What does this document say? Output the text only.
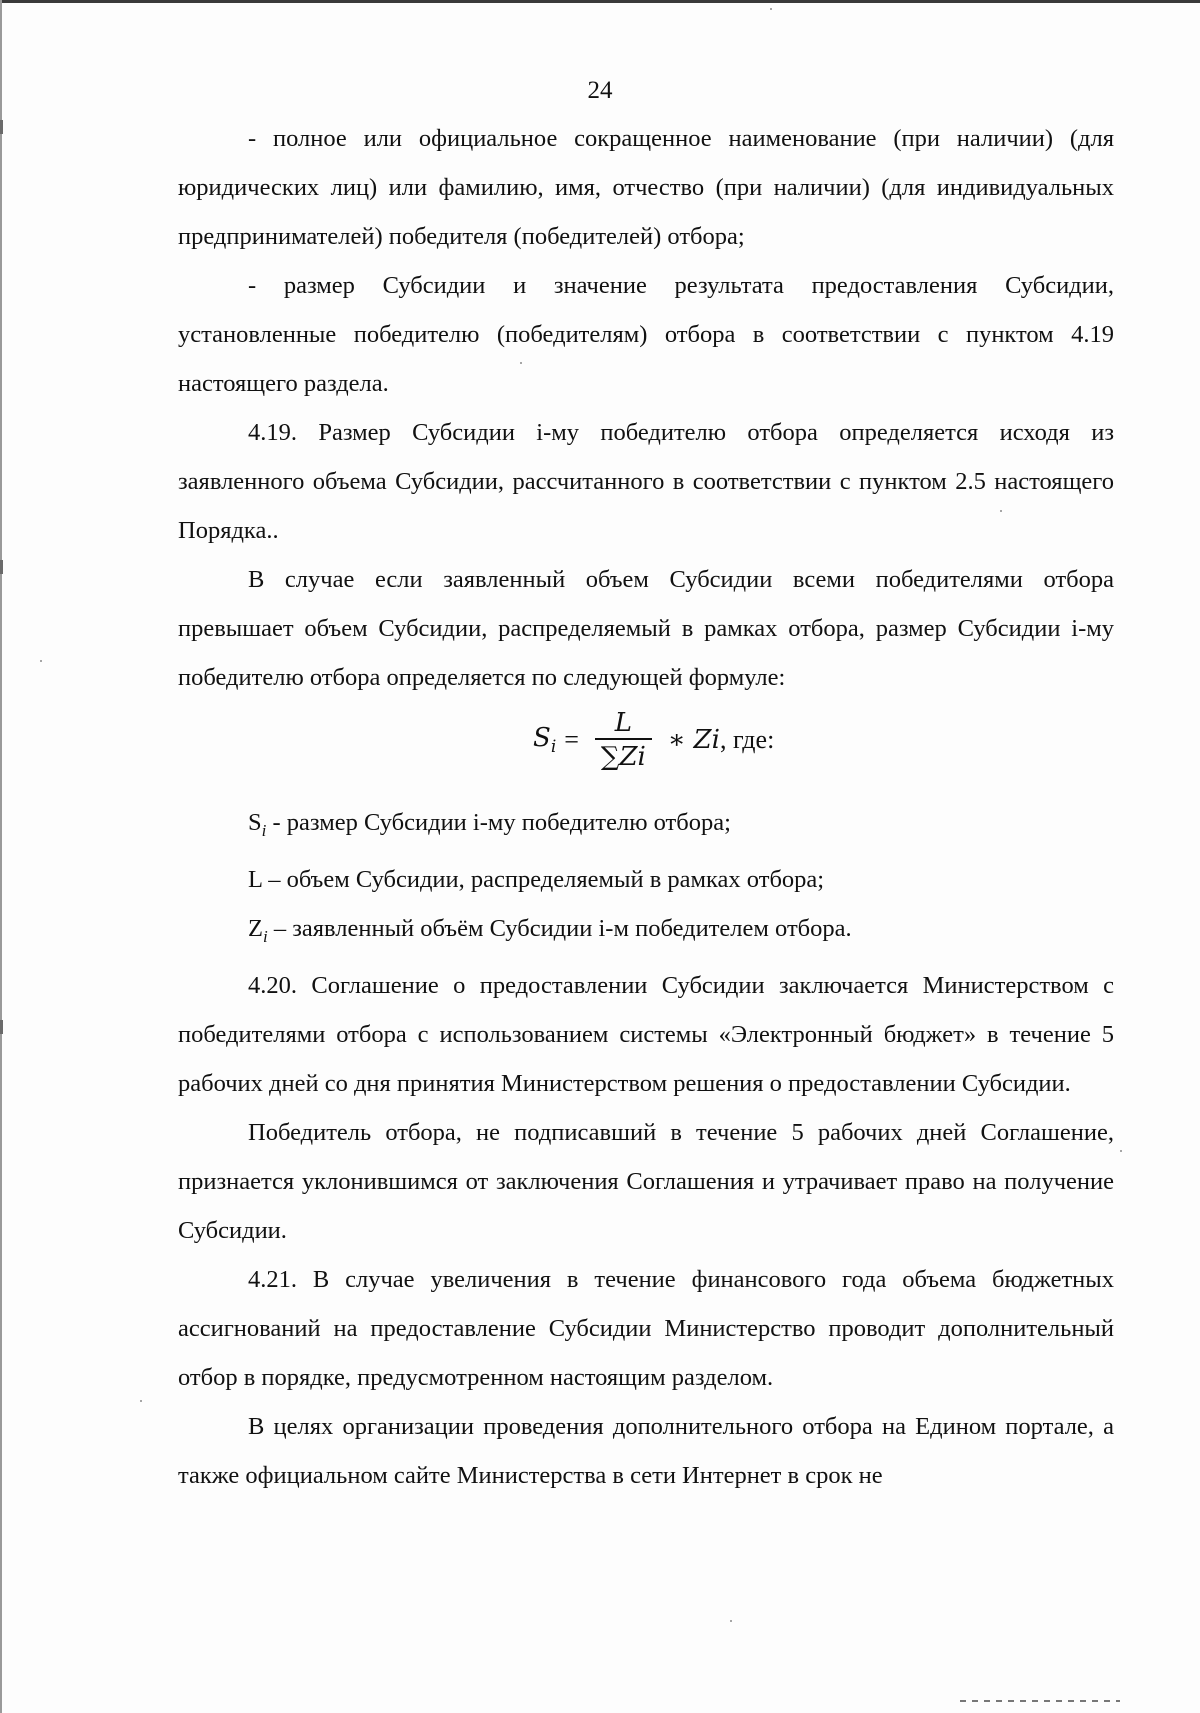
24

- полное или официальное сокращенное наименование (при наличии) (для юридических лиц) или фамилию, имя, отчество (при наличии) (для индивидуальных предпринимателей) победителя (победителей) отбора;

- размер Субсидии и значение результата предоставления Субсидии, установленные победителю (победителям) отбора в соответствии с пунктом 4.19 настоящего раздела.

4.19. Размер Субсидии i-му победителю отбора определяется исходя из заявленного объема Субсидии, рассчитанного в соответствии с пунктом 2.5 настоящего Порядка..

В случае если заявленный объем Субсидии всеми победителями отбора превышает объем Субсидии, распределяемый в рамках отбора, размер Субсидии i-му победителю отбора определяется по следующей формуле:

$S_i = \frac{L}{\sum Zi}$ ∗ Zi , где:

$S_i$ - размер Субсидии i-му победителю отбора;

L – объем Субсидии, распределяемый в рамках отбора;

$Z_i$ – заявленный объём Субсидии i-м победителем отбора.

4.20. Соглашение о предоставлении Субсидии заключается Министерством с победителями отбора с использованием системы «Электронный бюджет» в течение 5 рабочих дней со дня принятия Министерством решения о предоставлении Субсидии.

Победитель отбора, не подписавший в течение 5 рабочих дней Соглашение, признается уклонившимся от заключения Соглашения и утрачивает право на получение Субсидии.

4.21. В случае увеличения в течение финансового года объема бюджетных ассигнований на предоставление Субсидии Министерство проводит дополнительный отбор в порядке, предусмотренном настоящим разделом.

В целях организации проведения дополнительного отбора на Едином портале, а также официальном сайте Министерства в сети Интернет в срок не
